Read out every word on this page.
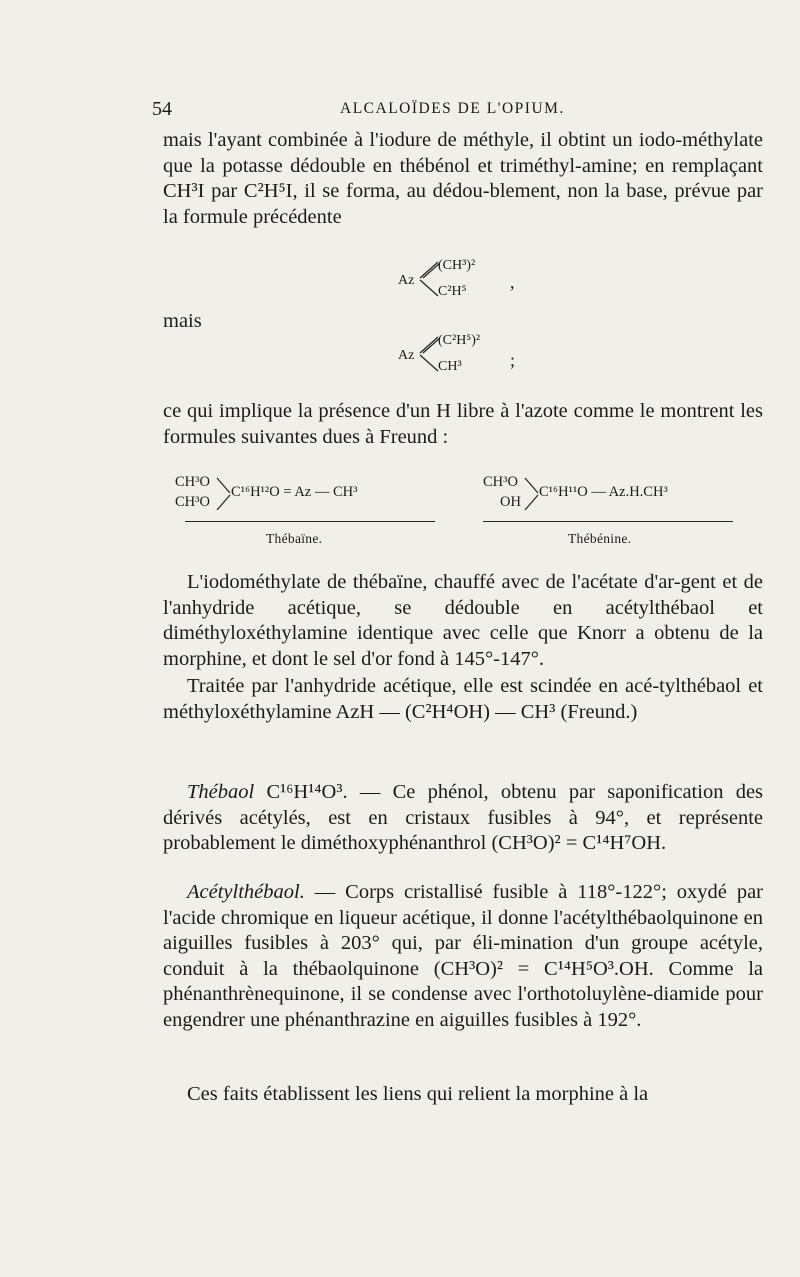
54	ALCALOÏDES DE L'OPIUM.

mais l'ayant combinée à l'iodure de méthyle, il obtint un iodo-méthylate que la potasse dédouble en thébénol et triméthyl-amine; en remplaçant CH³I par C²H⁵I, il se forma, au dédou-blement, non la base, prévue par la formule précédente

Az
(CH³)²
C²H⁵ ,
mais
Az
(C²H⁵)²
CH³	;

ce qui implique la présence d'un H libre à l'azote comme le montrent les formules suivantes dues à Freund :

CH³O
CH³O
C¹⁶H¹²O = Az — CH³
Thébaïne.
CH³O
OH
C¹⁶H¹¹O — Az.H.CH³
Thébénine.

L'iodométhylate de thébaïne, chauffé avec de l'acétate d'ar-gent et de l'anhydride acétique, se dédouble en acétylthébaol et diméthyloxéthylamine identique avec celle que Knorr a obtenu de la morphine, et dont le sel d'or fond à 145°-147°.

Traitée par l'anhydride acétique, elle est scindée en acé-tylthébaol et méthyloxéthylamine AzH — (C²H⁴OH) — CH³ (Freund.)

Thébaol C¹⁶H¹⁴O³. — Ce phénol, obtenu par saponification des dérivés acétylés, est en cristaux fusibles à 94°, et représente probablement le diméthoxyphénanthrol (CH³O)² = C¹⁴H⁷OH.

Acétylthébaol. — Corps cristallisé fusible à 118°-122°; oxydé par l'acide chromique en liqueur acétique, il donne l'acétylthébaolquinone en aiguilles fusibles à 203° qui, par éli-mination d'un groupe acétyle, conduit à la thébaolquinone (CH³O)² = C¹⁴H⁵O³.OH. Comme la phénanthrènequinone, il se condense avec l'orthotoluylène-diamide pour engendrer une phénanthrazine en aiguilles fusibles à 192°.

Ces faits établissent les liens qui relient la morphine à la
